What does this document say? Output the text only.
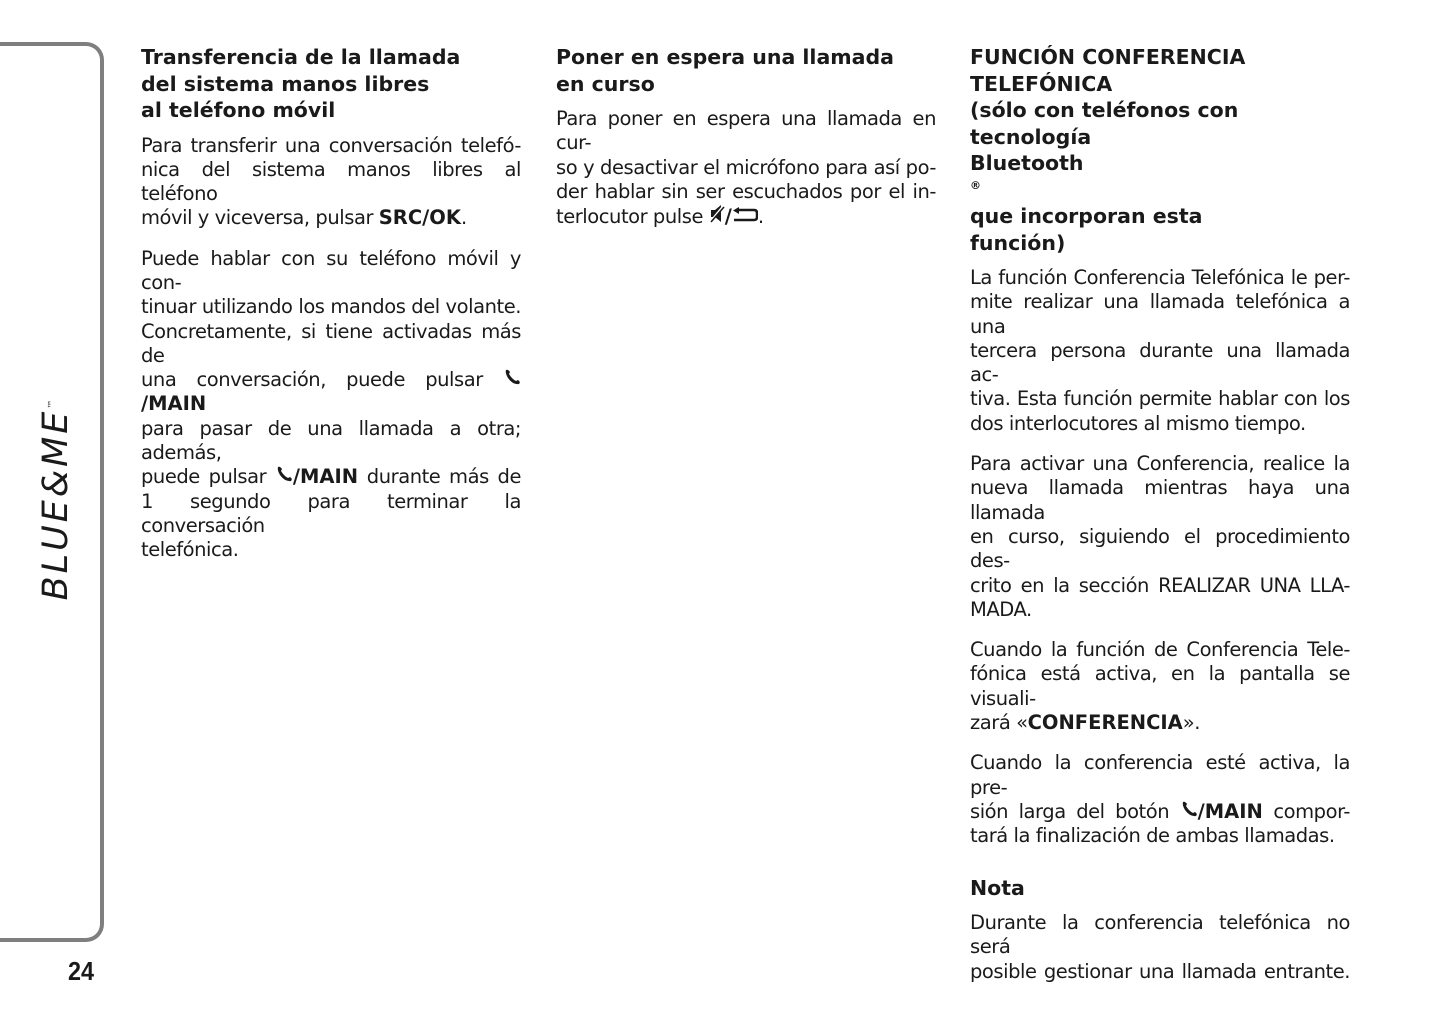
BLUE&ME™
24
Transferencia de la llamada
del sistema manos libres
al teléfono móvil

Para transferir una conversación telefó-
nica del sistema manos libres al teléfono
móvil y viceversa, pulsar SRC/OK.

Puede hablar con su teléfono móvil y con-
tinuar utilizando los mandos del volante.
Concretamente, si tiene activadas más de
una conversación, puede pulsar /MAIN
para pasar de una llamada a otra; además,
puede pulsar /MAIN durante más de
1 segundo para terminar la conversación
telefónica.

Poner en espera una llamada
en curso

Para poner en espera una llamada en cur-
so y desactivar el micrófono para así po-
der hablar sin ser escuchados por el in-
terlocutor pulse / .

FUNCIÓN CONFERENCIA
TELEFÓNICA
(sólo con teléfonos con tecnología
Bluetooth
®
que incorporan esta
función)

La función Conferencia Telefónica le per-
mite realizar una llamada telefónica a una
tercera persona durante una llamada ac-
tiva. Esta función permite hablar con los
dos interlocutores al mismo tiempo.

Para activar una Conferencia, realice la
nueva llamada mientras haya una llamada
en curso, siguiendo el procedimiento des-
crito en la sección REALIZAR UNA LLA-
MADA.

Cuando la función de Conferencia Tele-
fónica está activa, en la pantalla se visuali-
zará «CONFERENCIA».

Cuando la conferencia esté activa, la pre-
sión larga del botón /MAIN compor-
tará la finalización de ambas llamadas.

Nota

Durante la conferencia telefónica no será
posible gestionar una llamada entrante.
